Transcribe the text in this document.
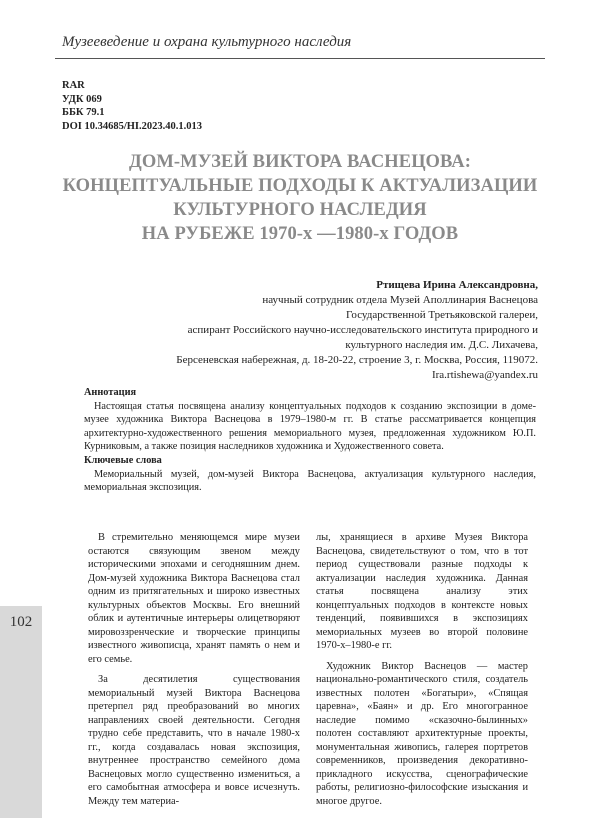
Музееведение и охрана культурного наследия
RAR
УДК 069
ББК 79.1
DOI 10.34685/HI.2023.40.1.013
ДОМ-МУЗЕЙ ВИКТОРА ВАСНЕЦОВА:
КОНЦЕПТУАЛЬНЫЕ ПОДХОДЫ К АКТУАЛИЗАЦИИ
КУЛЬТУРНОГО НАСЛЕДИЯ
НА РУБЕЖЕ 1970-х —1980-х ГОДОВ
Ртищева Ирина Александровна,
научный сотрудник отдела Музей Аполлинария Васнецова
Государственной Третьяковской галереи,
аспирант Российского научно-исследовательского института природного и
культурного наследия им. Д.С. Лихачева,
Берсеневская набережная, д. 18-20-22, строение 3, г. Москва, Россия, 119072.
Ira.rtishewa@yandex.ru
Аннотация
Настоящая статья посвящена анализу концептуальных подходов к созданию экспозиции в доме-музее художника Виктора Васнецова в 1979–1980-м гг. В статье рассматривается концепция архитектурно-художественного решения мемориального музея, предложенная художником Ю.П. Курниковым, а также позиция наследников художника и Художественного совета.
Ключевые слова
Мемориальный музей, дом-музей Виктора Васнецова, актуализация культурного наследия, мемориальная экспозиция.

В стремительно меняющемся мире музеи остаются связующим звеном между историческими эпохами и сегодняшним днем. Дом-музей художника Виктора Васнецова стал одним из притягательных и широко известных культурных объектов Москвы. Его внешний облик и аутентичные интерьеры олицетворяют мировоззренческие и творческие принципы известного живописца, хранят память о нем и его семье.

За десятилетия существования мемориальный музей Виктора Васнецова претерпел ряд преобразований во многих направлениях своей деятельности. Сегодня трудно себе представить, что в начале 1980-х гг., когда создавалась новая экспозиция, внутреннее пространство семейного дома Васнецовых могло существенно измениться, а его самобытная атмосфера и вовсе исчезнуть. Между тем материа-

лы, хранящиеся в архиве Музея Виктора Васнецова, свидетельствуют о том, что в тот период существовали разные подходы к актуализации наследия художника. Данная статья посвящена анализу этих концептуальных подходов в контексте новых тенденций, появившихся в экспозициях мемориальных музеев во второй половине 1970-х–1980-е гг.

Художник Виктор Васнецов — мастер национально-романтического стиля, создатель известных полотен «Богатыри», «Спящая царевна», «Баян» и др. Его многогранное наследие помимо «сказочно-былинных» полотен составляют архитектурные проекты, монументальная живопись, галерея портретов современников, произведения декоративно-прикладного искусства, сценографические работы, религиозно-философские изыскания и многое другое.

102
